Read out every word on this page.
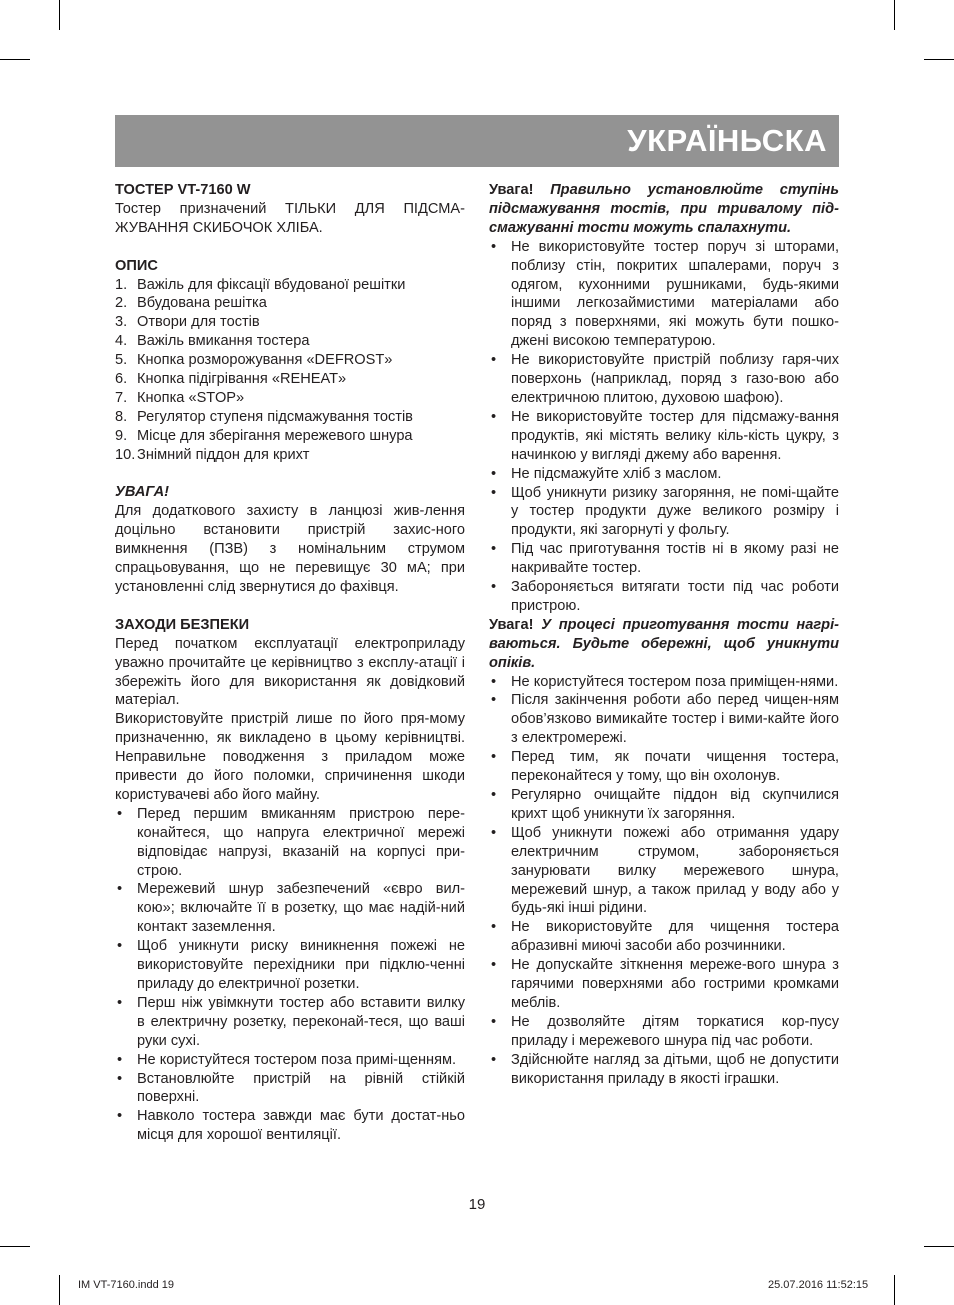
УКРАЇНЬСКА

ТОСТЕР VT-7160 W

Тостер призначений ТІЛЬКИ ДЛЯ ПІДСМА-ЖУВАННЯ СКИБОЧОК ХЛІБА.

ОПИС

1. Важіль для фіксації вбудованої решітки
2. Вбудована решітка
3. Отвори для тостів
4. Важіль вмикання тостера
5. Кнопка розморожування «DEFROST»
6. Кнопка підігрівання «REHEAT»
7. Кнопка «STOP»
8. Регулятор ступеня підсмажування тостів
9. Місце для зберігання мережевого шнура
10. Знімний піддон для крихт

УВАГА!

Для додаткового захисту в ланцюзі жив-лення доцільно встановити пристрій захис-ного вимкнення (ПЗВ) з номінальним струмом спрацьовування, що не перевищує 30 мА; при установленні слід звернутися до фахівця.

ЗАХОДИ БЕЗПЕКИ

Перед початком експлуатації електроприладу уважно прочитайте це керівництво з експлу-атації і збережіть його для використання як довідковий матеріал.

Використовуйте пристрій лише по його пря-мому призначенню, як викладено в цьому керівництві. Неправильне поводження з приладом може привести до його поломки, спричинення шкоди користувачеві або його майну.

• Перед першим вмиканням пристрою пере-конайтеся, що напруга електричної мережі відповідає напрузі, вказаній на корпусі при-строю.
• Мережевий шнур забезпечений «євро вил-кою»; включайте її в розетку, що має надій-ний контакт заземлення.
• Щоб уникнути риску виникнення пожежі не використовуйте перехідники при підклю-ченні приладу до електричної розетки.
• Перш ніж увімкнути тостер або вставити вилку в електричну розетку, переконай-теся, що ваші руки сухі.
• Не користуйтеся тостером поза примі-щенням.
• Встановлюйте пристрій на рівній стійкій поверхні.
• Навколо тостера завжди має бути достат-ньо місця для хорошої вентиляції.

Увага! Правильно установлюйте ступінь підсмажування тостів, при тривалому під-смажуванні тости можуть спалахнути.

• Не використовуйте тостер поруч зі шторами, поблизу стін, покритих шпалерами, поруч з одягом, кухонними рушниками, будь-якими іншими легкозаймистими матеріалами або поряд з поверхнями, які можуть бути пошко-джені високою температурою.
• Не використовуйте пристрій поблизу гаря-чих поверхонь (наприклад, поряд з газо-вою або електричною плитою, духовою шафою).
• Не використовуйте тостер для підсмажу-вання продуктів, які містять велику кіль-кість цукру, з начинкою у вигляді джему або варення.
• Не підсмажуйте хліб з маслом.
• Щоб уникнути ризику загоряння, не помі-щайте у тостер продукти дуже великого розміру і продукти, які загорнуті у фольгу.
• Під час приготування тостів ні в якому разі не накривайте тостер.
• Забороняється витягати тости під час роботи пристрою.

Увага! У процесі приготування тости нагрі-ваються. Будьте обережні, щоб уникнути опіків.

• Не користуйтеся тостером поза приміщен-нями.
• Після закінчення роботи або перед чищен-ням обов’язково вимикайте тостер і вими-кайте його з електромережі.
• Перед тим, як почати чищення тостера, переконайтеся у тому, що він охолонув.
• Регулярно очищайте піддон від скупчилися крихт щоб уникнути їх загоряння.
• Щоб уникнути пожежі або отримання удару електричним струмом, забороняється занурювати вилку мережевого шнура, мережевий шнур, а також прилад у воду або у будь-які інші рідини.
• Не використовуйте для чищення тостера абразивні миючі засоби або розчинники.
• Не допускайте зіткнення мереже-вого шнура з гарячими поверхнями або гострими кромками меблів.
• Не дозволяйте дітям торкатися кор-пусу приладу і мережевого шнура під час роботи.
• Здійснюйте нагляд за дітьми, щоб не допустити використання приладу в якості іграшки.
19
IM VT-7160.indd 19	25.07.2016 11:52:15
